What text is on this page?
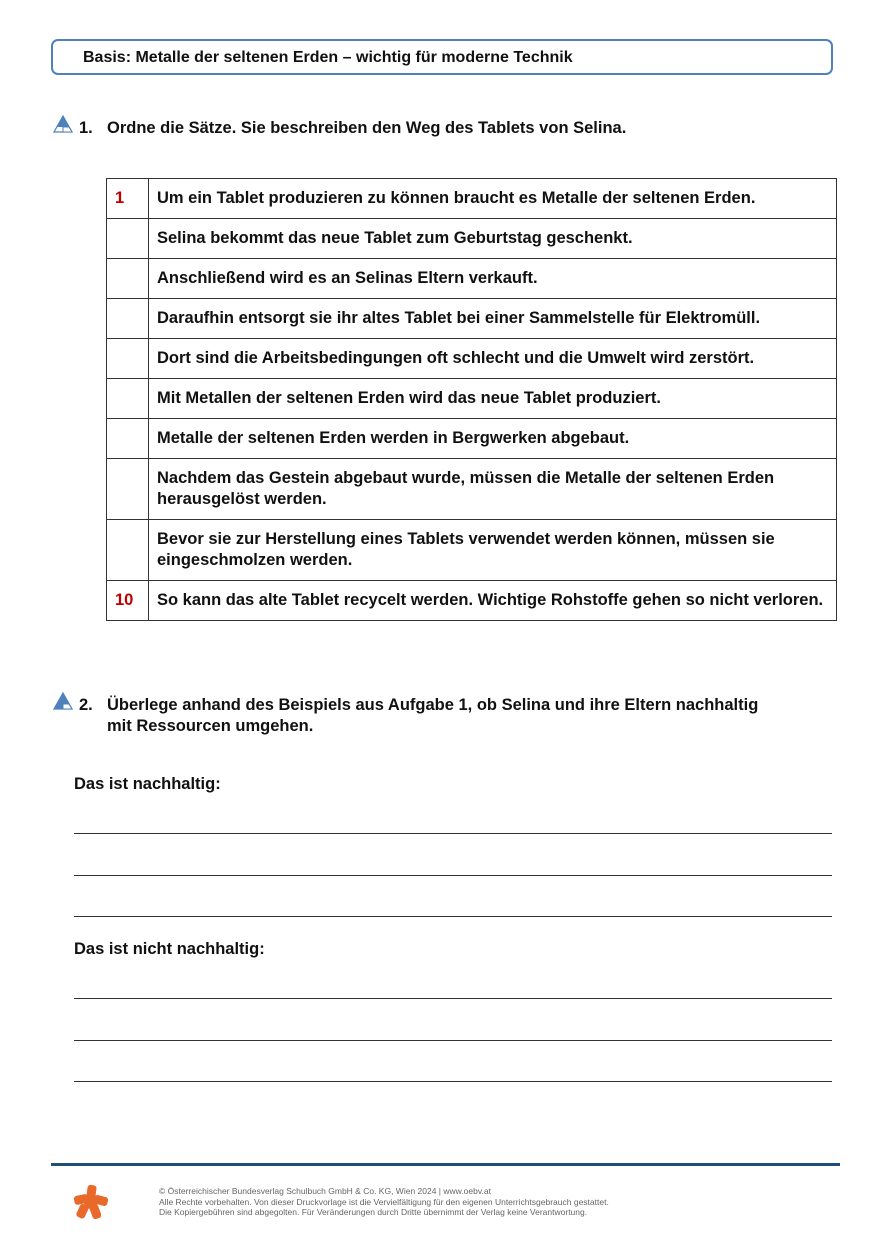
Basis: Metalle der seltenen Erden – wichtig für moderne Technik
1. Ordne die Sätze. Sie beschreiben den Weg des Tablets von Selina.
1	Um ein Tablet produzieren zu können braucht es Metalle der seltenen Erden.
	Selina bekommt das neue Tablet zum Geburtstag geschenkt.
	Anschließend wird es an Selinas Eltern verkauft.
	Daraufhin entsorgt sie ihr altes Tablet bei einer Sammelstelle für Elektromüll.
	Dort sind die Arbeitsbedingungen oft schlecht und die Umwelt wird zerstört.
	Mit Metallen der seltenen Erden wird das neue Tablet produziert.
	Metalle der seltenen Erden werden in Bergwerken abgebaut.
	Nachdem das Gestein abgebaut wurde, müssen die Metalle der seltenen Erden herausgelöst werden.
	Bevor sie zur Herstellung eines Tablets verwendet werden können, müssen sie eingeschmolzen werden.
10	So kann das alte Tablet recycelt werden. Wichtige Rohstoffe gehen so nicht verloren.
2. Überlege anhand des Beispiels aus Aufgabe 1, ob Selina und ihre Eltern nachhaltig
mit Ressourcen umgehen.
Das ist nachhaltig:
Das ist nicht nachhaltig:
© Österreichischer Bundesverlag Schulbuch GmbH & Co. KG, Wien 2024 | www.oebv.at
Alle Rechte vorbehalten. Von dieser Druckvorlage ist die Vervielfältigung für den eigenen Unterrichtsgebrauch gestattet.
Die Kopiergebühren sind abgegolten. Für Veränderungen durch Dritte übernimmt der Verlag keine Verantwortung.
